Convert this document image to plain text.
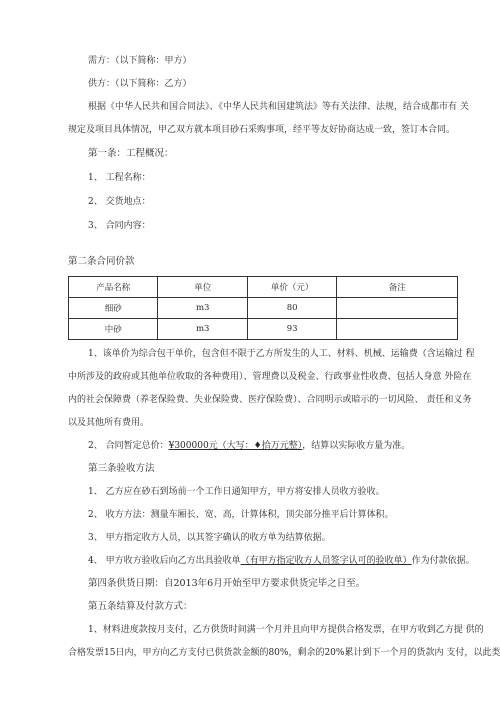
需方：（以下简称：甲方）
供方：（以下简称：乙方）
根据《中华人民共和国合同法》、《中华人民共和国建筑法》等有关法律、法规，结合成都市有 关
规定及项目具体情况，甲乙双方就本项目砂石采购事项，经平等友好协商达成一致，签订本合同。
第一条：工程概况：
1、 工程名称：
2、 交货地点：
3、 合同内容：
第二条合同价款
产品名称	单位	单价（元）	备注
细砂	m3	80	
中砂	m3	93	
1、该单价为综合包干单价，包含但不限于乙方所发生的人工、材料、机械、运输费（含运输过 程
中所涉及的政府或其他单位收取的各种费用）、管理费以及税金、行政事业性收费、包括人身意 外险在
内的社会保障费（养老保险费、失业保险费、医疗保险费）、合同明示或暗示的一切风险、 责任和义务
以及其他所有费用。
2、 合同暂定总价：¥300000元（大写：♦拾万元整），结算以实际收方量为准。
第三条验收方法
1、 乙方应在砂石到场前一个工作日通知甲方，甲方将安排人员收方验收。
2、 收方方法：测量车厢长、宽、高，计算体积，顶尖部分推平后计算体积。
3、 甲方指定收方人员，以其签字确认的收方单为结算依据。
4、 甲方收方验收后向乙方出具验收单（有甲方指定收方人员签字认可的验收单）作为付款依据。
第四条供货日期：自2013年6月开始至甲方要求供货完毕之日至。
第五条结算及付款方式：
1、材料进度款按月支付，乙方供货时间满一个月并且向甲方提供合格发票，在甲方收到乙方提 供的
合格发票15日内，甲方向乙方支付已供货款金额的80%，剩余的20%累计到下一个月的货款内 支付，以此类
